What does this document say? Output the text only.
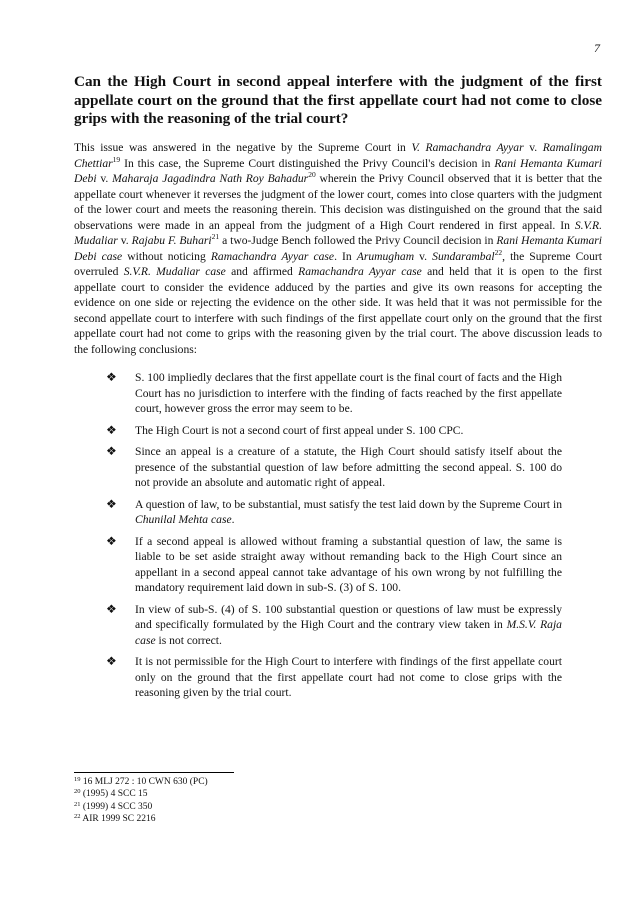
7
Can the High Court in second appeal interfere with the judgment of the first appellate court on the ground that the first appellate court had not come to close grips with the reasoning of the trial court?

This issue was answered in the negative by the Supreme Court in V. Ramachandra Ayyar v. Ramalingam Chettiar$^{19}$ In this case, the Supreme Court distinguished the Privy Council's decision in Rani Hemanta Kumari Debi v. Maharaja Jagadindra Nath Roy Bahadur$^{20}$ wherein the Privy Council observed that it is better that the appellate court whenever it reverses the judgment of the lower court, comes into close quarters with the judgment of the lower court and meets the reasoning therein. This decision was distinguished on the ground that the said observations were made in an appeal from the judgment of a High Court rendered in first appeal. In S.V.R. Mudaliar v. Rajabu F. Buhari$^{21}$ a two-Judge Bench followed the Privy Council decision in Rani Hemanta Kumari Debi case without noticing Ramachandra Ayyar case. In Arumugham v. Sundarambal$^{22}$, the Supreme Court overruled S.V.R. Mudaliar case and affirmed Ramachandra Ayyar case and held that it is open to the first appellate court to consider the evidence adduced by the parties and give its own reasons for accepting the evidence on one side or rejecting the evidence on the other side. It was held that it was not permissible for the second appellate court to interfere with such findings of the first appellate court only on the ground that the first appellate court had not come to grips with the reasoning given by the trial court. The above discussion leads to the following conclusions:

❖ S. 100 impliedly declares that the first appellate court is the final court of facts and the High Court has no jurisdiction to interfere with the finding of facts reached by the first appellate court, however gross the error may seem to be.
❖ The High Court is not a second court of first appeal under S. 100 CPC.
❖ Since an appeal is a creature of a statute, the High Court should satisfy itself about the presence of the substantial question of law before admitting the second appeal. S. 100 do not provide an absolute and automatic right of appeal.
❖ A question of law, to be substantial, must satisfy the test laid down by the Supreme Court in Chunilal Mehta case.
❖ If a second appeal is allowed without framing a substantial question of law, the same is liable to be set aside straight away without remanding back to the High Court since an appellant in a second appeal cannot take advantage of his own wrong by not fulfilling the mandatory requirement laid down in sub-S. (3) of S. 100.
❖ In view of sub-S. (4) of S. 100 substantial question or questions of law must be expressly and specifically formulated by the High Court and the contrary view taken in M.S.V. Raja case is not correct.
❖ It is not permissible for the High Court to interfere with findings of the first appellate court only on the ground that the first appellate court had not come to close grips with the reasoning given by the trial court.
$^{19}$ 16 MLJ 272 : 10 CWN 630 (PC)
$^{20}$ (1995) 4 SCC 15
$^{21}$ (1999) 4 SCC 350
$^{22}$ AIR 1999 SC 2216
